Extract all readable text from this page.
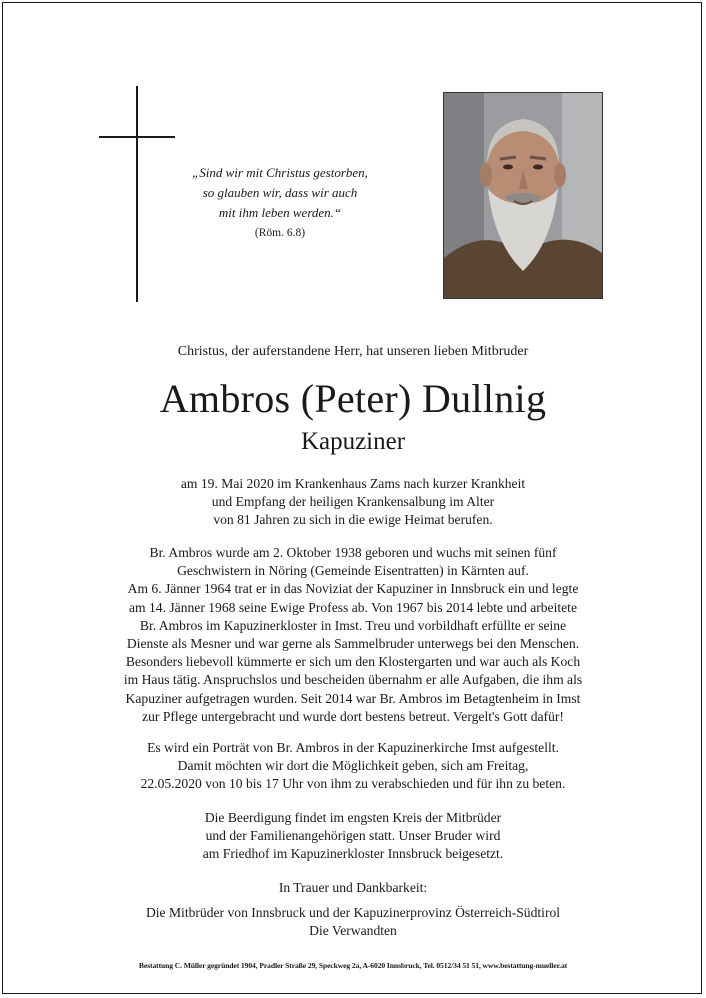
„Sind wir mit Christus gestorben,
so glauben wir, dass wir auch
mit ihm leben werden.“
(Röm. 6.8)
Christus, der auferstandene Herr, hat unseren lieben Mitbruder
Ambros (Peter) Dullnig
Kapuziner
am 19. Mai 2020 im Krankenhaus Zams nach kurzer Krankheit
und Empfang der heiligen Krankensalbung im Alter
von 81 Jahren zu sich in die ewige Heimat berufen.
Br. Ambros wurde am 2. Oktober 1938 geboren und wuchs mit seinen fünf
Geschwistern in Nöring (Gemeinde Eisentratten) in Kärnten auf.
Am 6. Jänner 1964 trat er in das Noviziat der Kapuziner in Innsbruck ein und legte
am 14. Jänner 1968 seine Ewige Profess ab. Von 1967 bis 2014 lebte und arbeitete
Br. Ambros im Kapuzinerkloster in Imst. Treu und vorbildhaft erfüllte er seine
Dienste als Mesner und war gerne als Sammelbruder unterwegs bei den Menschen.
Besonders liebevoll kümmerte er sich um den Klostergarten und war auch als Koch
im Haus tätig. Anspruchslos und bescheiden übernahm er alle Aufgaben, die ihm als
Kapuziner aufgetragen wurden. Seit 2014 war Br. Ambros im Betagtenheim in Imst
zur Pflege untergebracht und wurde dort bestens betreut. Vergelt's Gott dafür!
Es wird ein Porträt von Br. Ambros in der Kapuzinerkirche Imst aufgestellt.
Damit möchten wir dort die Möglichkeit geben, sich am Freitag,
22.05.2020 von 10 bis 17 Uhr von ihm zu verabschieden und für ihn zu beten.
Die Beerdigung findet im engsten Kreis der Mitbrüder
und der Familienangehörigen statt. Unser Bruder wird
am Friedhof im Kapuzinerkloster Innsbruck beigesetzt.
In Trauer und Dankbarkeit:
Die Mitbrüder von Innsbruck und der Kapuzinerprovinz Österreich-Südtirol
Die Verwandten
Bestattung C. Müller gegründet 1904, Pradler Straße 29, Speckweg 2a, A-6020 Innsbruck, Tel. 0512/34 51 51, www.bestattung-mueller.at
